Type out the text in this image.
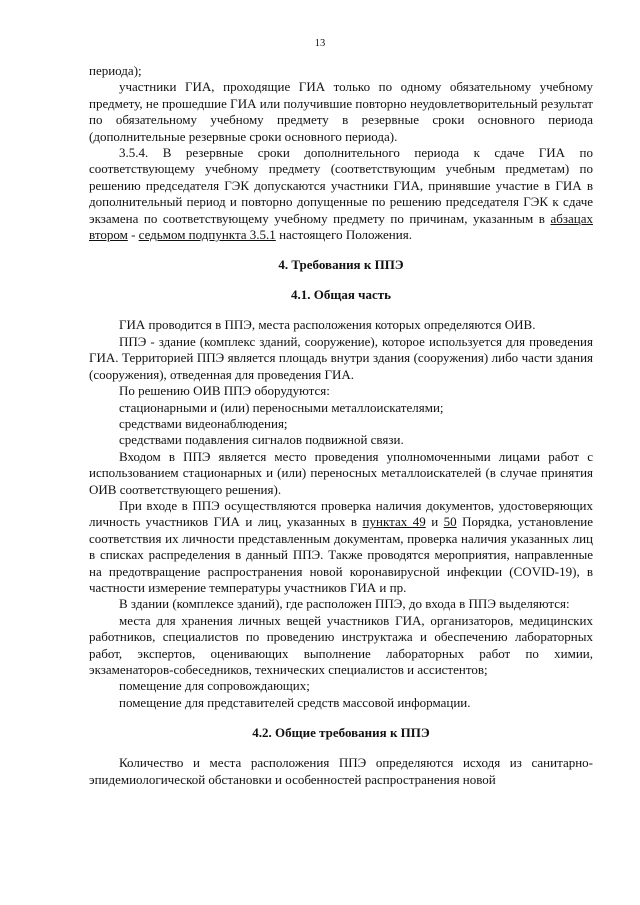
13

периода);

участники ГИА, проходящие ГИА только по одному обязательному учебному предмету, не прошедшие ГИА или получившие повторно неудовлетворительный результат по обязательному учебному предмету в резервные сроки основного периода (дополнительные резервные сроки основного периода).

3.5.4. В резервные сроки дополнительного периода к сдаче ГИА по соответствующему учебному предмету (соответствующим учебным предметам) по решению председателя ГЭК допускаются участники ГИА, принявшие участие в ГИА в дополнительный период и повторно допущенные по решению председателя ГЭК к сдаче экзамена по соответствующему учебному предмету по причинам, указанным в абзацах втором - седьмом подпункта 3.5.1 настоящего Положения.

4. Требования к ППЭ
4.1. Общая часть

ГИА проводится в ППЭ, места расположения которых определяются ОИВ.

ППЭ - здание (комплекс зданий, сооружение), которое используется для проведения ГИА. Территорией ППЭ является площадь внутри здания (сооружения) либо части здания (сооружения), отведенная для проведения ГИА.

По решению ОИВ ППЭ оборудуются:

стационарными и (или) переносными металлоискателями;

средствами видеонаблюдения;

средствами подавления сигналов подвижной связи.

Входом в ППЭ является место проведения уполномоченными лицами работ с использованием стационарных и (или) переносных металлоискателей (в случае принятия ОИВ соответствующего решения).

При входе в ППЭ осуществляются проверка наличия документов, удостоверяющих личность участников ГИА и лиц, указанных в пунктах 49 и 50 Порядка, установление соответствия их личности представленным документам, проверка наличия указанных лиц в списках распределения в данный ППЭ. Также проводятся мероприятия, направленные на предотвращение распространения новой коронавирусной инфекции (COVID-19), в частности измерение температуры участников ГИА и пр.

В здании (комплексе зданий), где расположен ППЭ, до входа в ППЭ выделяются:

места для хранения личных вещей участников ГИА, организаторов, медицинских работников, специалистов по проведению инструктажа и обеспечению лабораторных работ, экспертов, оценивающих выполнение лабораторных работ по химии, экзаменаторов-собеседников, технических специалистов и ассистентов;

помещение для сопровождающих;

помещение для представителей средств массовой информации.

4.2. Общие требования к ППЭ

Количество и места расположения ППЭ определяются исходя из санитарно-эпидемиологической обстановки и особенностей распространения новой
